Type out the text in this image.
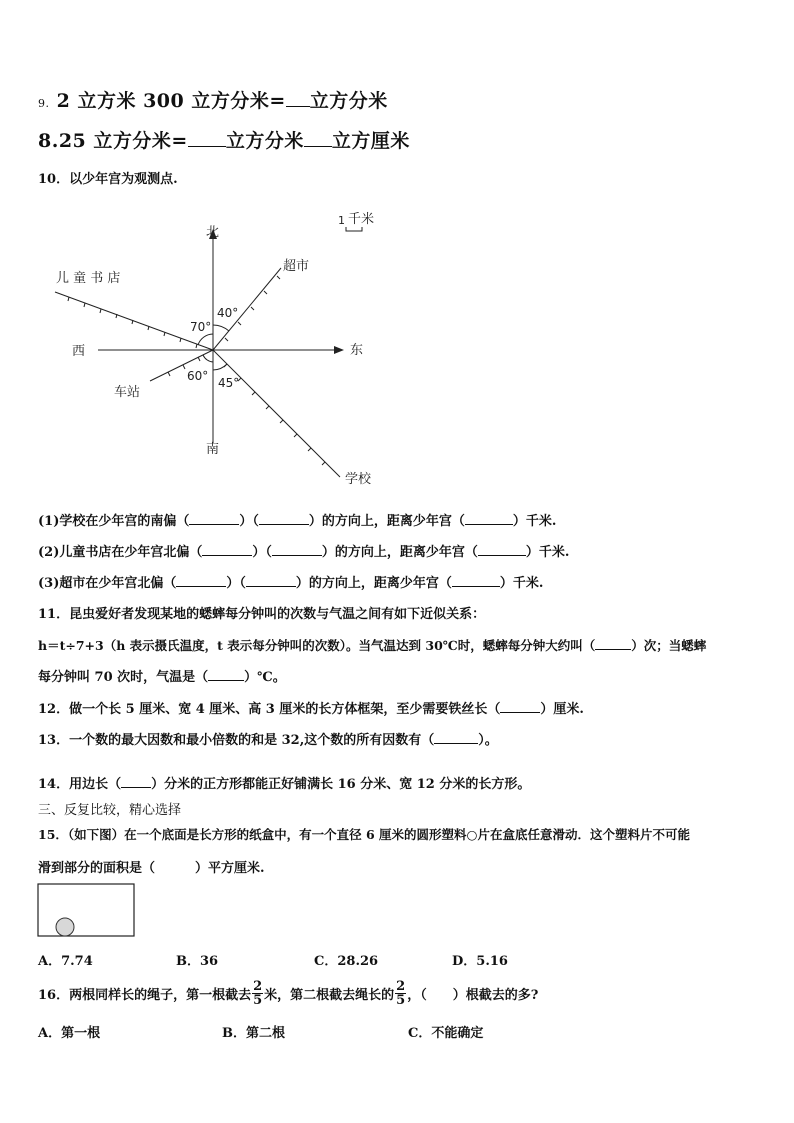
9. 2 立方米 300 立方分米= 立方分米
8.25 立方分米= 立方分米 立方厘米
10．以少年宫为观测点.
北
南
东
西
儿 童 书 店
超市
车站
学校
40°
70°
60° 45°
1 千米
(1)学校在少年宫的南偏（	）（	）的方向上，距离少年宫（	）千米.
(2)儿童书店在少年宫北偏（	）（	）的方向上，距离少年宫（	）千米.
(3)超市在少年宫北偏（	）（	）的方向上，距离少年宫（	）千米.
11．昆虫爱好者发现某地的蟋蟀每分钟叫的次数与气温之间有如下近似关系：
h＝t÷7+3（h 表示摄氏温度，t 表示每分钟叫的次数）。当气温达到 30℃时，蟋蟀每分钟大约叫（	）次；当蟋蟀
每分钟叫 70 次时，气温是（	）℃。
12．做一个长 5 厘米、宽 4 厘米、高 3 厘米的长方体框架，至少需要铁丝长（	）厘米.
13．一个数的最大因数和最小倍数的和是 32,这个数的所有因数有（	）。
14．用边长（ ）分米的正方形都能正好铺满长 16 分米、宽 12 分米的长方形。
三、反复比较，精心选择
15．（如下图）在一个底面是长方形的纸盒中，有一个直径 6 厘米的圆形塑料○片在盒底任意滑动．这个塑料片不可能
滑到部分的面积是（	）平方厘米.
A．7.74	B．36	C．28.26	D．5.16
16．两根同样长的绳子，第一根截去 $\frac{2}{5}$ 米，第二根截去绳长的 $\frac{2}{5}$ ，（ ）根截去的多?
A．第一根	B．第二根	C．不能确定
